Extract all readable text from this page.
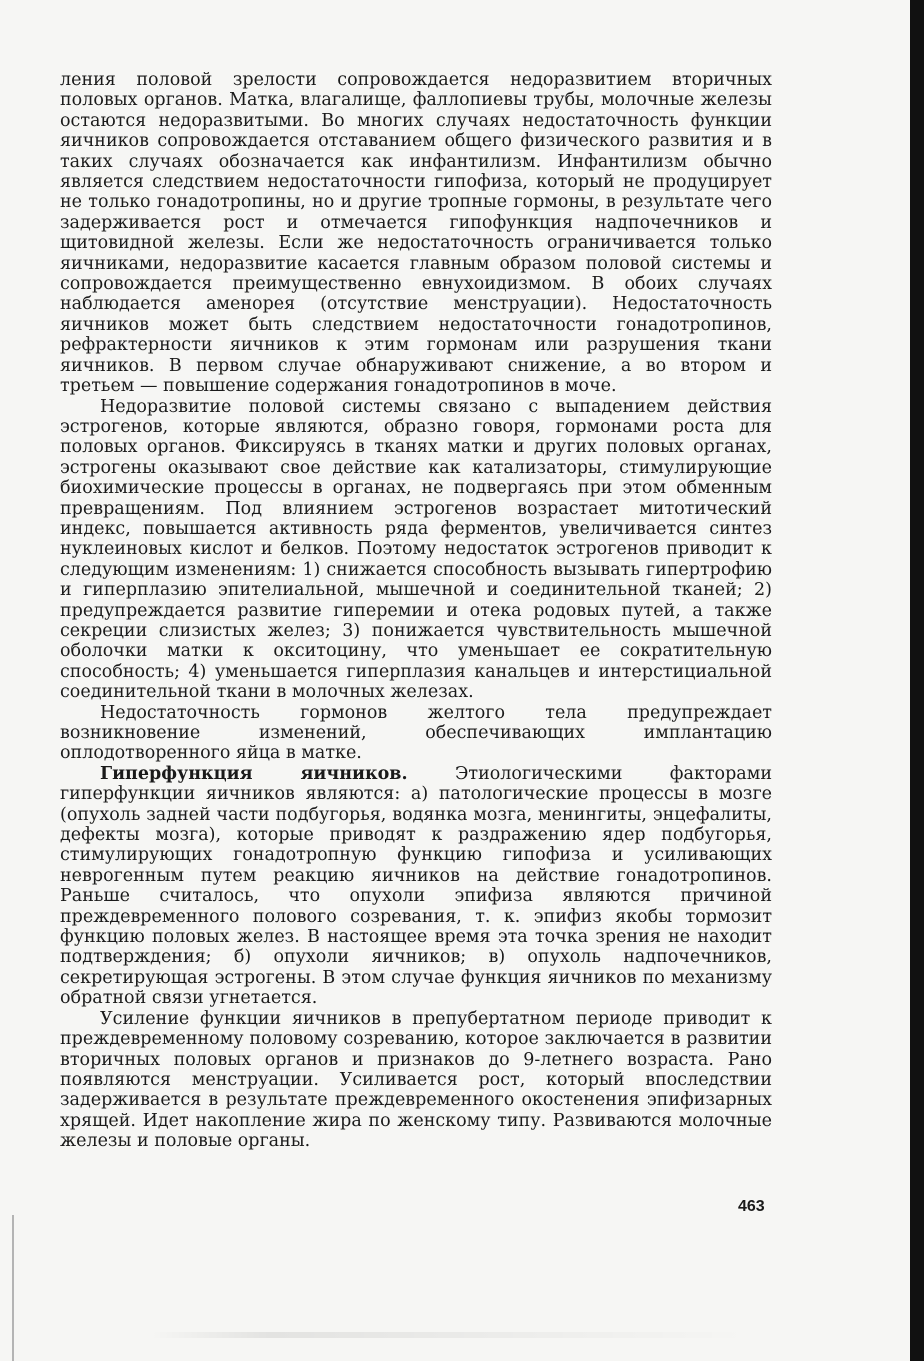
ления половой зрелости сопровождается недоразвитием вторичных половых органов. Матка, влагалище, фаллопиевы трубы, молочные железы остаются недоразвитыми. Во многих случаях недостаточность функции яичников сопровождается отставанием общего физического развития и в таких случаях обозначается как инфантилизм. Инфантилизм обычно является следствием недостаточности гипофиза, который не продуцирует не только гонадотропины, но и другие тропные гормоны, в результате чего задерживается рост и отмечается гипофункция надпочечников и щитовидной железы. Если же недостаточность ограничивается только яичниками, недоразвитие касается главным образом половой системы и сопровождается преимущественно евнухоидизмом. В обоих случаях наблюдается аменорея (отсутствие менструации). Недостаточность яичников может быть следствием недостаточности гонадотропинов, рефрактерности яичников к этим гормонам или разрушения ткани яичников. В первом случае обнаруживают снижение, а во втором и третьем — повышение содержания гонадотропинов в моче.

Недоразвитие половой системы связано с выпадением действия эстрогенов, которые являются, образно говоря, гормонами роста для половых органов. Фиксируясь в тканях матки и других половых органах, эстрогены оказывают свое действие как катализаторы, стимулирующие биохимические процессы в органах, не подвергаясь при этом обменным превращениям. Под влиянием эстрогенов возрастает митотический индекс, повышается активность ряда ферментов, увеличивается синтез нуклеиновых кислот и белков. Поэтому недостаток эстрогенов приводит к следующим изменениям: 1) снижается способность вызывать гипертрофию и гиперплазию эпителиальной, мышечной и соединительной тканей; 2) предупреждается развитие гиперемии и отека родовых путей, а также секреции слизистых желез; 3) понижается чувствительность мышечной оболочки матки к окситоцину, что уменьшает ее сократительную способность; 4) уменьшается гиперплазия канальцев и интерстициальной соединительной ткани в молочных железах.

Недостаточность гормонов желтого тела предупреждает возникновение изменений, обеспечивающих имплантацию оплодотворенного яйца в матке.

Гиперфункция яичников. Этиологическими факторами гиперфункции яичников являются: а) патологические процессы в мозге (опухоль задней части подбугорья, водянка мозга, менингиты, энцефалиты, дефекты мозга), которые приводят к раздражению ядер подбугорья, стимулирующих гонадотропную функцию гипофиза и усиливающих неврогенным путем реакцию яичников на действие гонадотропинов. Раньше считалось, что опухоли эпифиза являются причиной преждевременного полового созревания, т. к. эпифиз якобы тормозит функцию половых желез. В настоящее время эта точка зрения не находит подтверждения; б) опухоли яичников; в) опухоль надпочечников, секретирующая эстрогены. В этом случае функция яичников по механизму обратной связи угнетается.

Усиление функции яичников в препубертатном периоде приводит к преждевременному половому созреванию, которое заключается в развитии вторичных половых органов и признаков до 9-летнего возраста. Рано появляются менструации. Усиливается рост, который впоследствии задерживается в результате преждевременного окостенения эпифизарных хрящей. Идет накопление жира по женскому типу. Развиваются молочные железы и половые органы.

463
